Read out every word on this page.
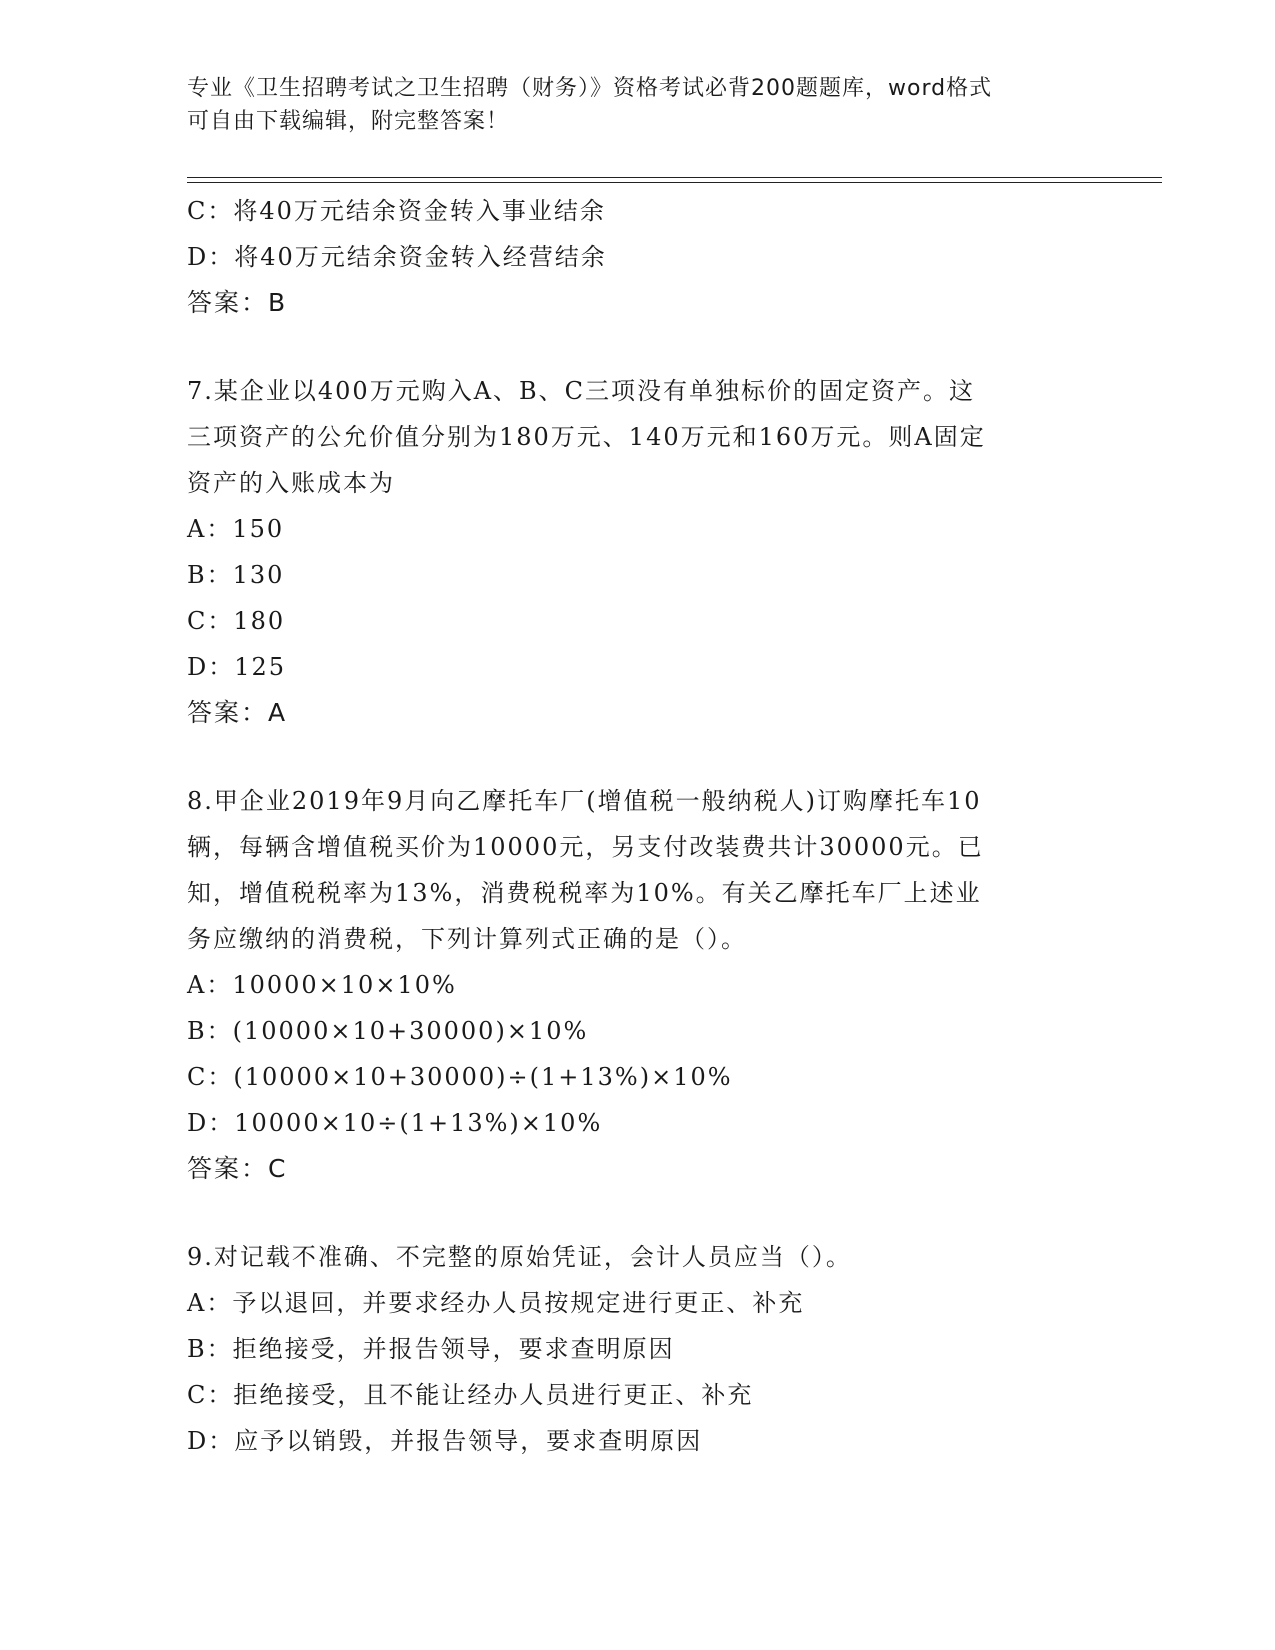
专业《卫生招聘考试之卫生招聘（财务）》资格考试必背200题题库，word格式
可自由下载编辑，附完整答案！
C：将40万元结余资金转入事业结余
D：将40万元结余资金转入经营结余
答案：B
7.某企业以400万元购入A、B、C三项没有单独标价的固定资产。这
三项资产的公允价值分别为180万元、140万元和160万元。则A固定
资产的入账成本为
A：150
B：130
C：180
D：125
答案：A
8.甲企业2019年9月向乙摩托车厂(增值税一般纳税人)订购摩托车10
辆，每辆含增值税买价为10000元，另支付改装费共计30000元。已
知，增值税税率为13%，消费税税率为10%。有关乙摩托车厂上述业
务应缴纳的消费税，下列计算列式正确的是（）。
A：10000×10×10%
B：(10000×10+30000)×10%
C：(10000×10+30000)÷(1+13%)×10%
D：10000×10÷(1+13%)×10%
答案：C
9.对记载不准确、不完整的原始凭证，会计人员应当（）。
A：予以退回，并要求经办人员按规定进行更正、补充
B：拒绝接受，并报告领导，要求查明原因
C：拒绝接受，且不能让经办人员进行更正、补充
D：应予以销毁，并报告领导，要求查明原因
